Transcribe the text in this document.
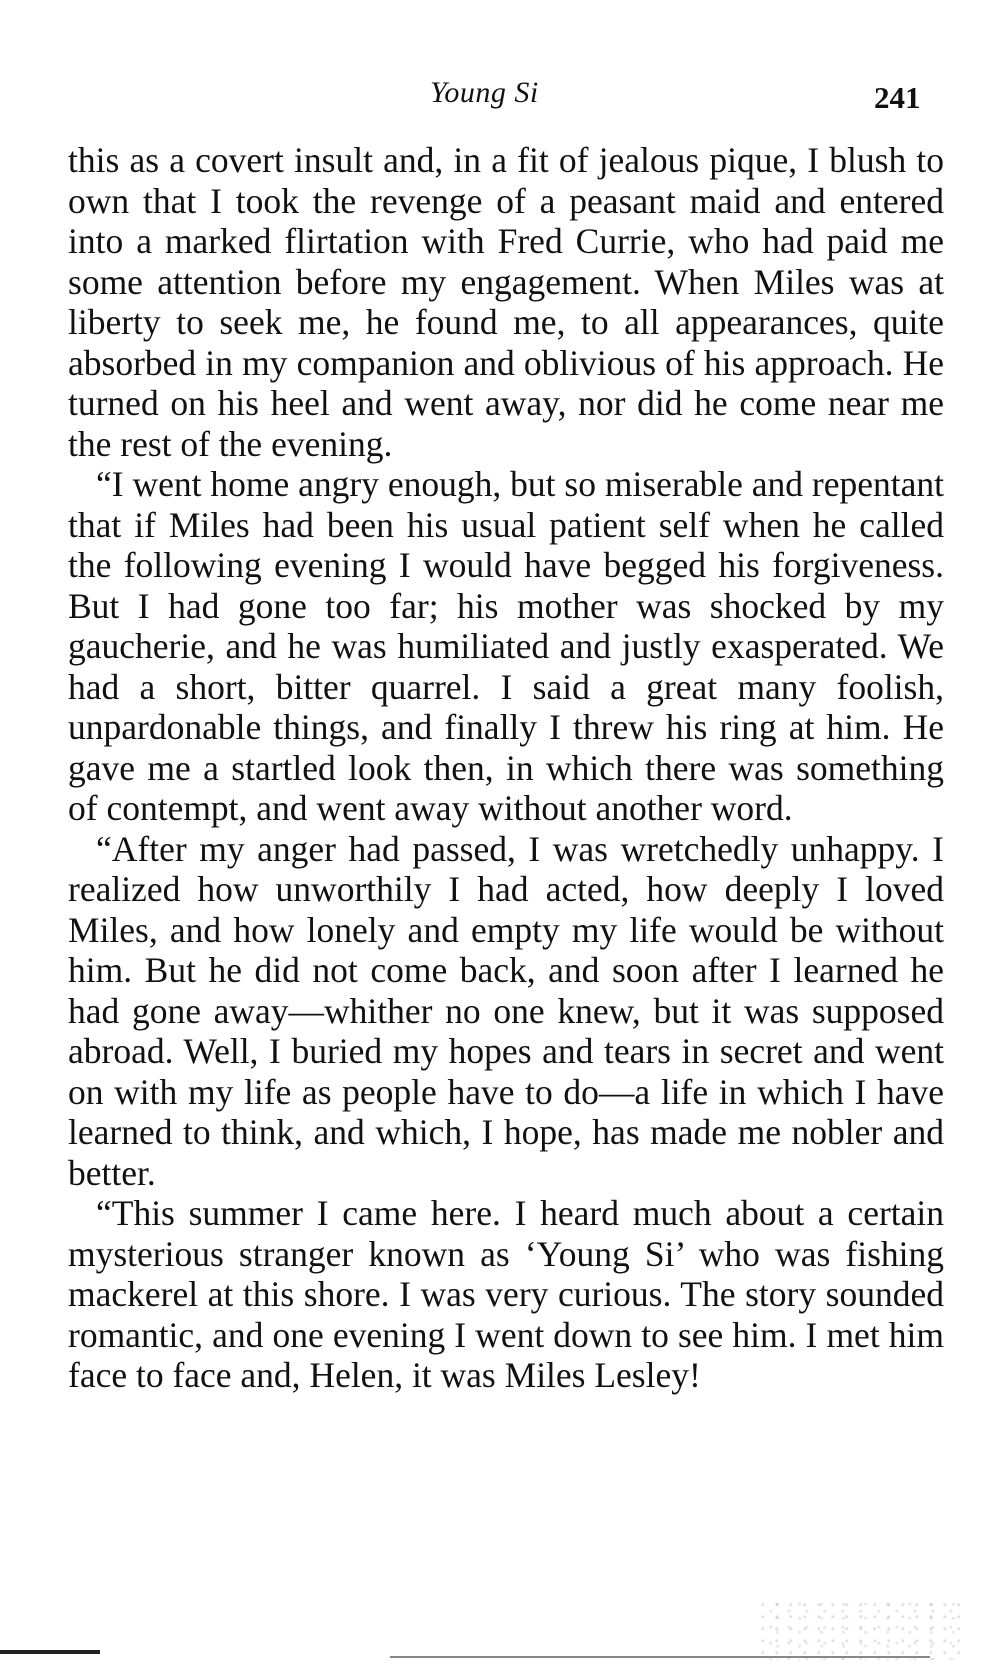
Young Si	241

this as a covert insult and, in a fit of jealous pique, I blush to own that I took the revenge of a peasant maid and entered into a marked flirtation with Fred Currie, who had paid me some attention before my engagement. When Miles was at liberty to seek me, he found me, to all appearances, quite absorbed in my companion and oblivious of his approach. He turned on his heel and went away, nor did he come near me the rest of the evening.

“I went home angry enough, but so miserable and repentant that if Miles had been his usual patient self when he called the following evening I would have begged his forgiveness. But I had gone too far; his mother was shocked by my gaucherie, and he was humiliated and justly exasperated. We had a short, bitter quarrel. I said a great many foolish, unpardonable things, and finally I threw his ring at him. He gave me a startled look then, in which there was something of contempt, and went away without another word.

“After my anger had passed, I was wretchedly unhappy. I realized how unworthily I had acted, how deeply I loved Miles, and how lonely and empty my life would be without him. But he did not come back, and soon after I learned he had gone away—whither no one knew, but it was supposed abroad. Well, I buried my hopes and tears in secret and went on with my life as people have to do—a life in which I have learned to think, and which, I hope, has made me nobler and better.

“This summer I came here. I heard much about a certain mysterious stranger known as ‘Young Si’ who was fishing mackerel at this shore. I was very curious. The story sounded romantic, and one evening I went down to see him. I met him face to face and, Helen, it was Miles Lesley!
